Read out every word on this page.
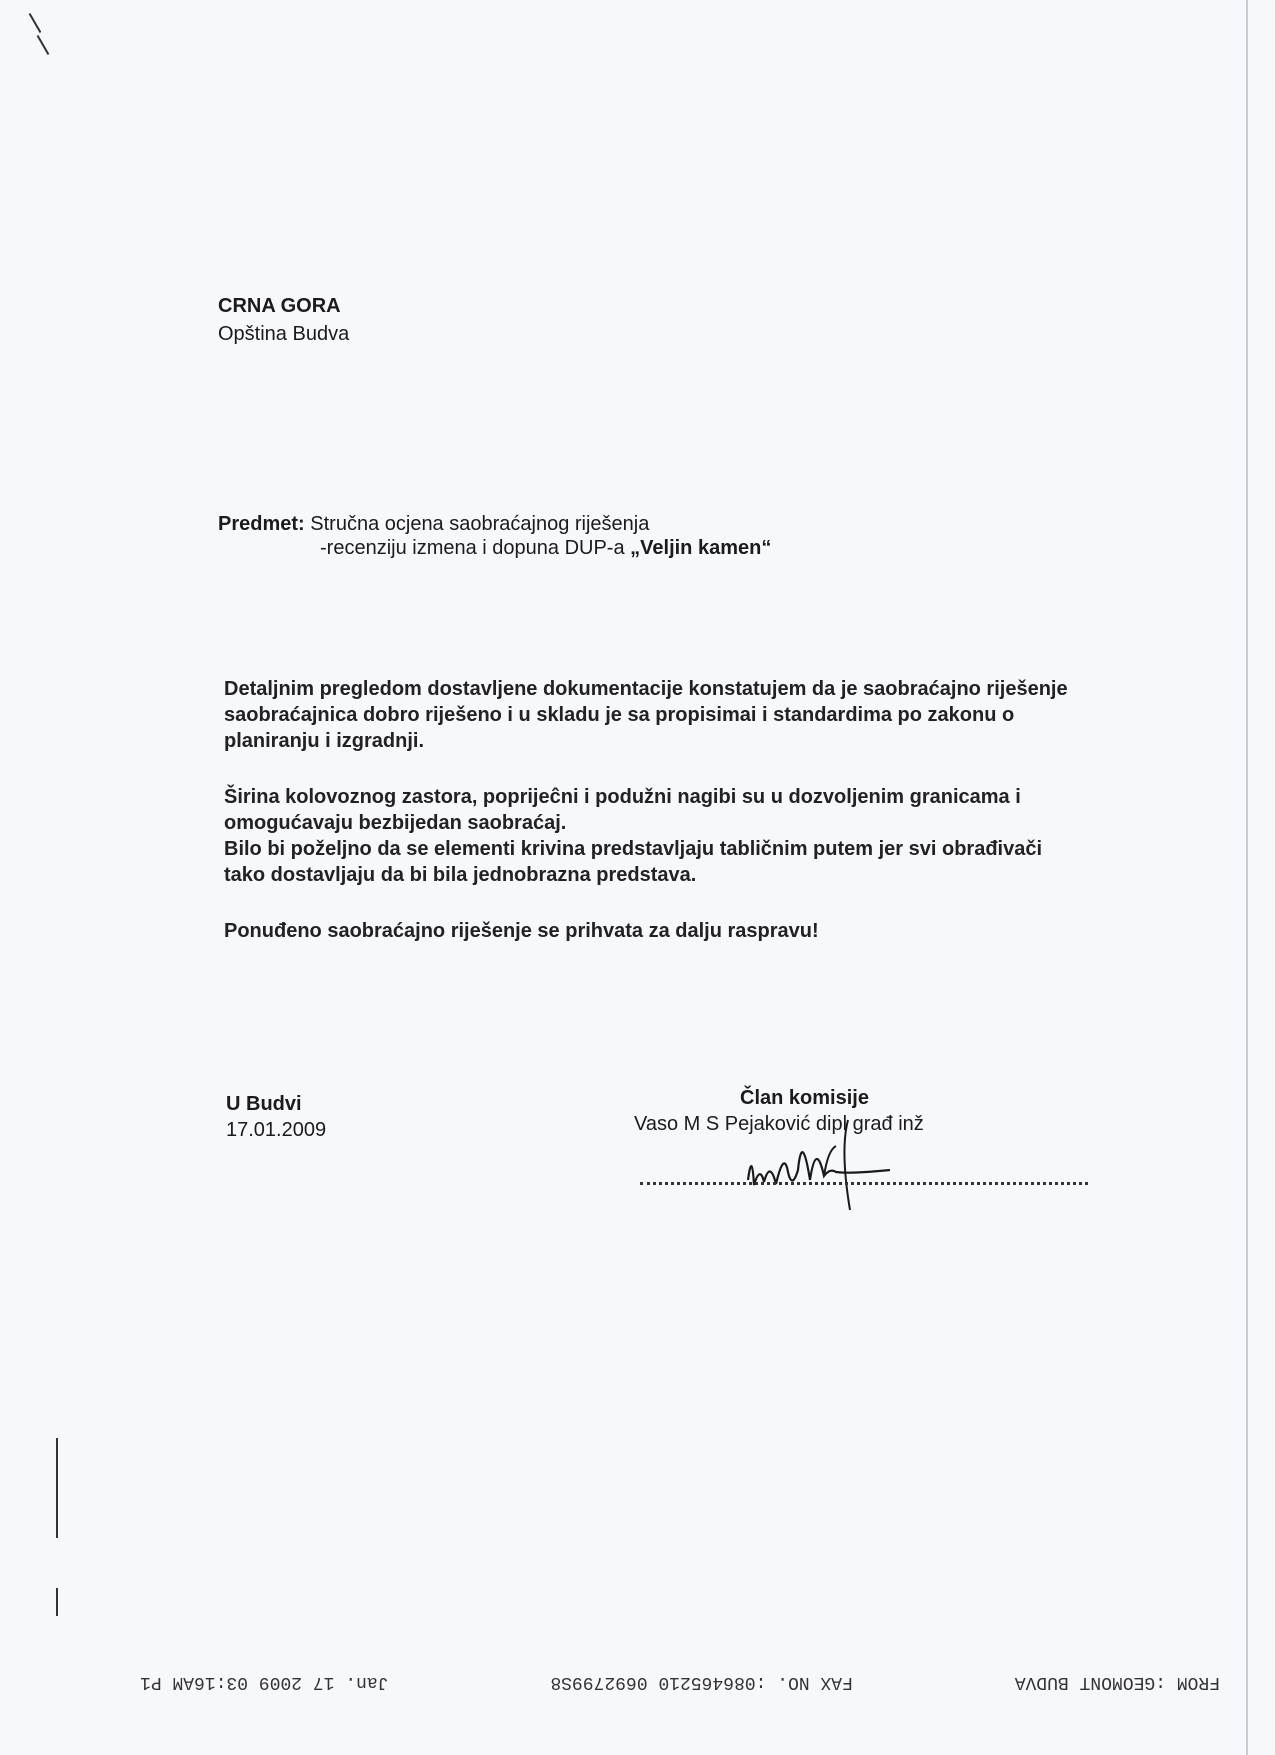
CRNA GORA
Opština Budva
Predmet: Stručna ocjena saobraćajnog riješenja
-recenziju izmena i dopuna DUP-a „Veljin kamen“
Detaljnim pregledom dostavljene dokumentacije konstatujem da je saobraćajno riješenje saobraćajnica dobro riješeno i u skladu je sa propisimai i standardima po zakonu o planiranju i izgradnji.
Širina kolovoznog zastora, poprijeĉni i podužni nagibi su u dozvoljenim granicama i omogućavaju bezbijedan saobraćaj.
Bilo bi poželjno da se elementi krivina predstavljaju tabličnim putem jer svi obrađivači tako dostavljaju da bi bila jednobrazna predstava.
Ponuđeno saobraćajno riješenje se prihvata za dalju raspravu!
U Budvi
17.01.2009
Član komisije
Vaso M S Pejaković dipl građ inž
FROM :GEOMONT BUDVA
FAX NO. :086465210 0692799S8
Jan. 17 2009 03:16AM P1
